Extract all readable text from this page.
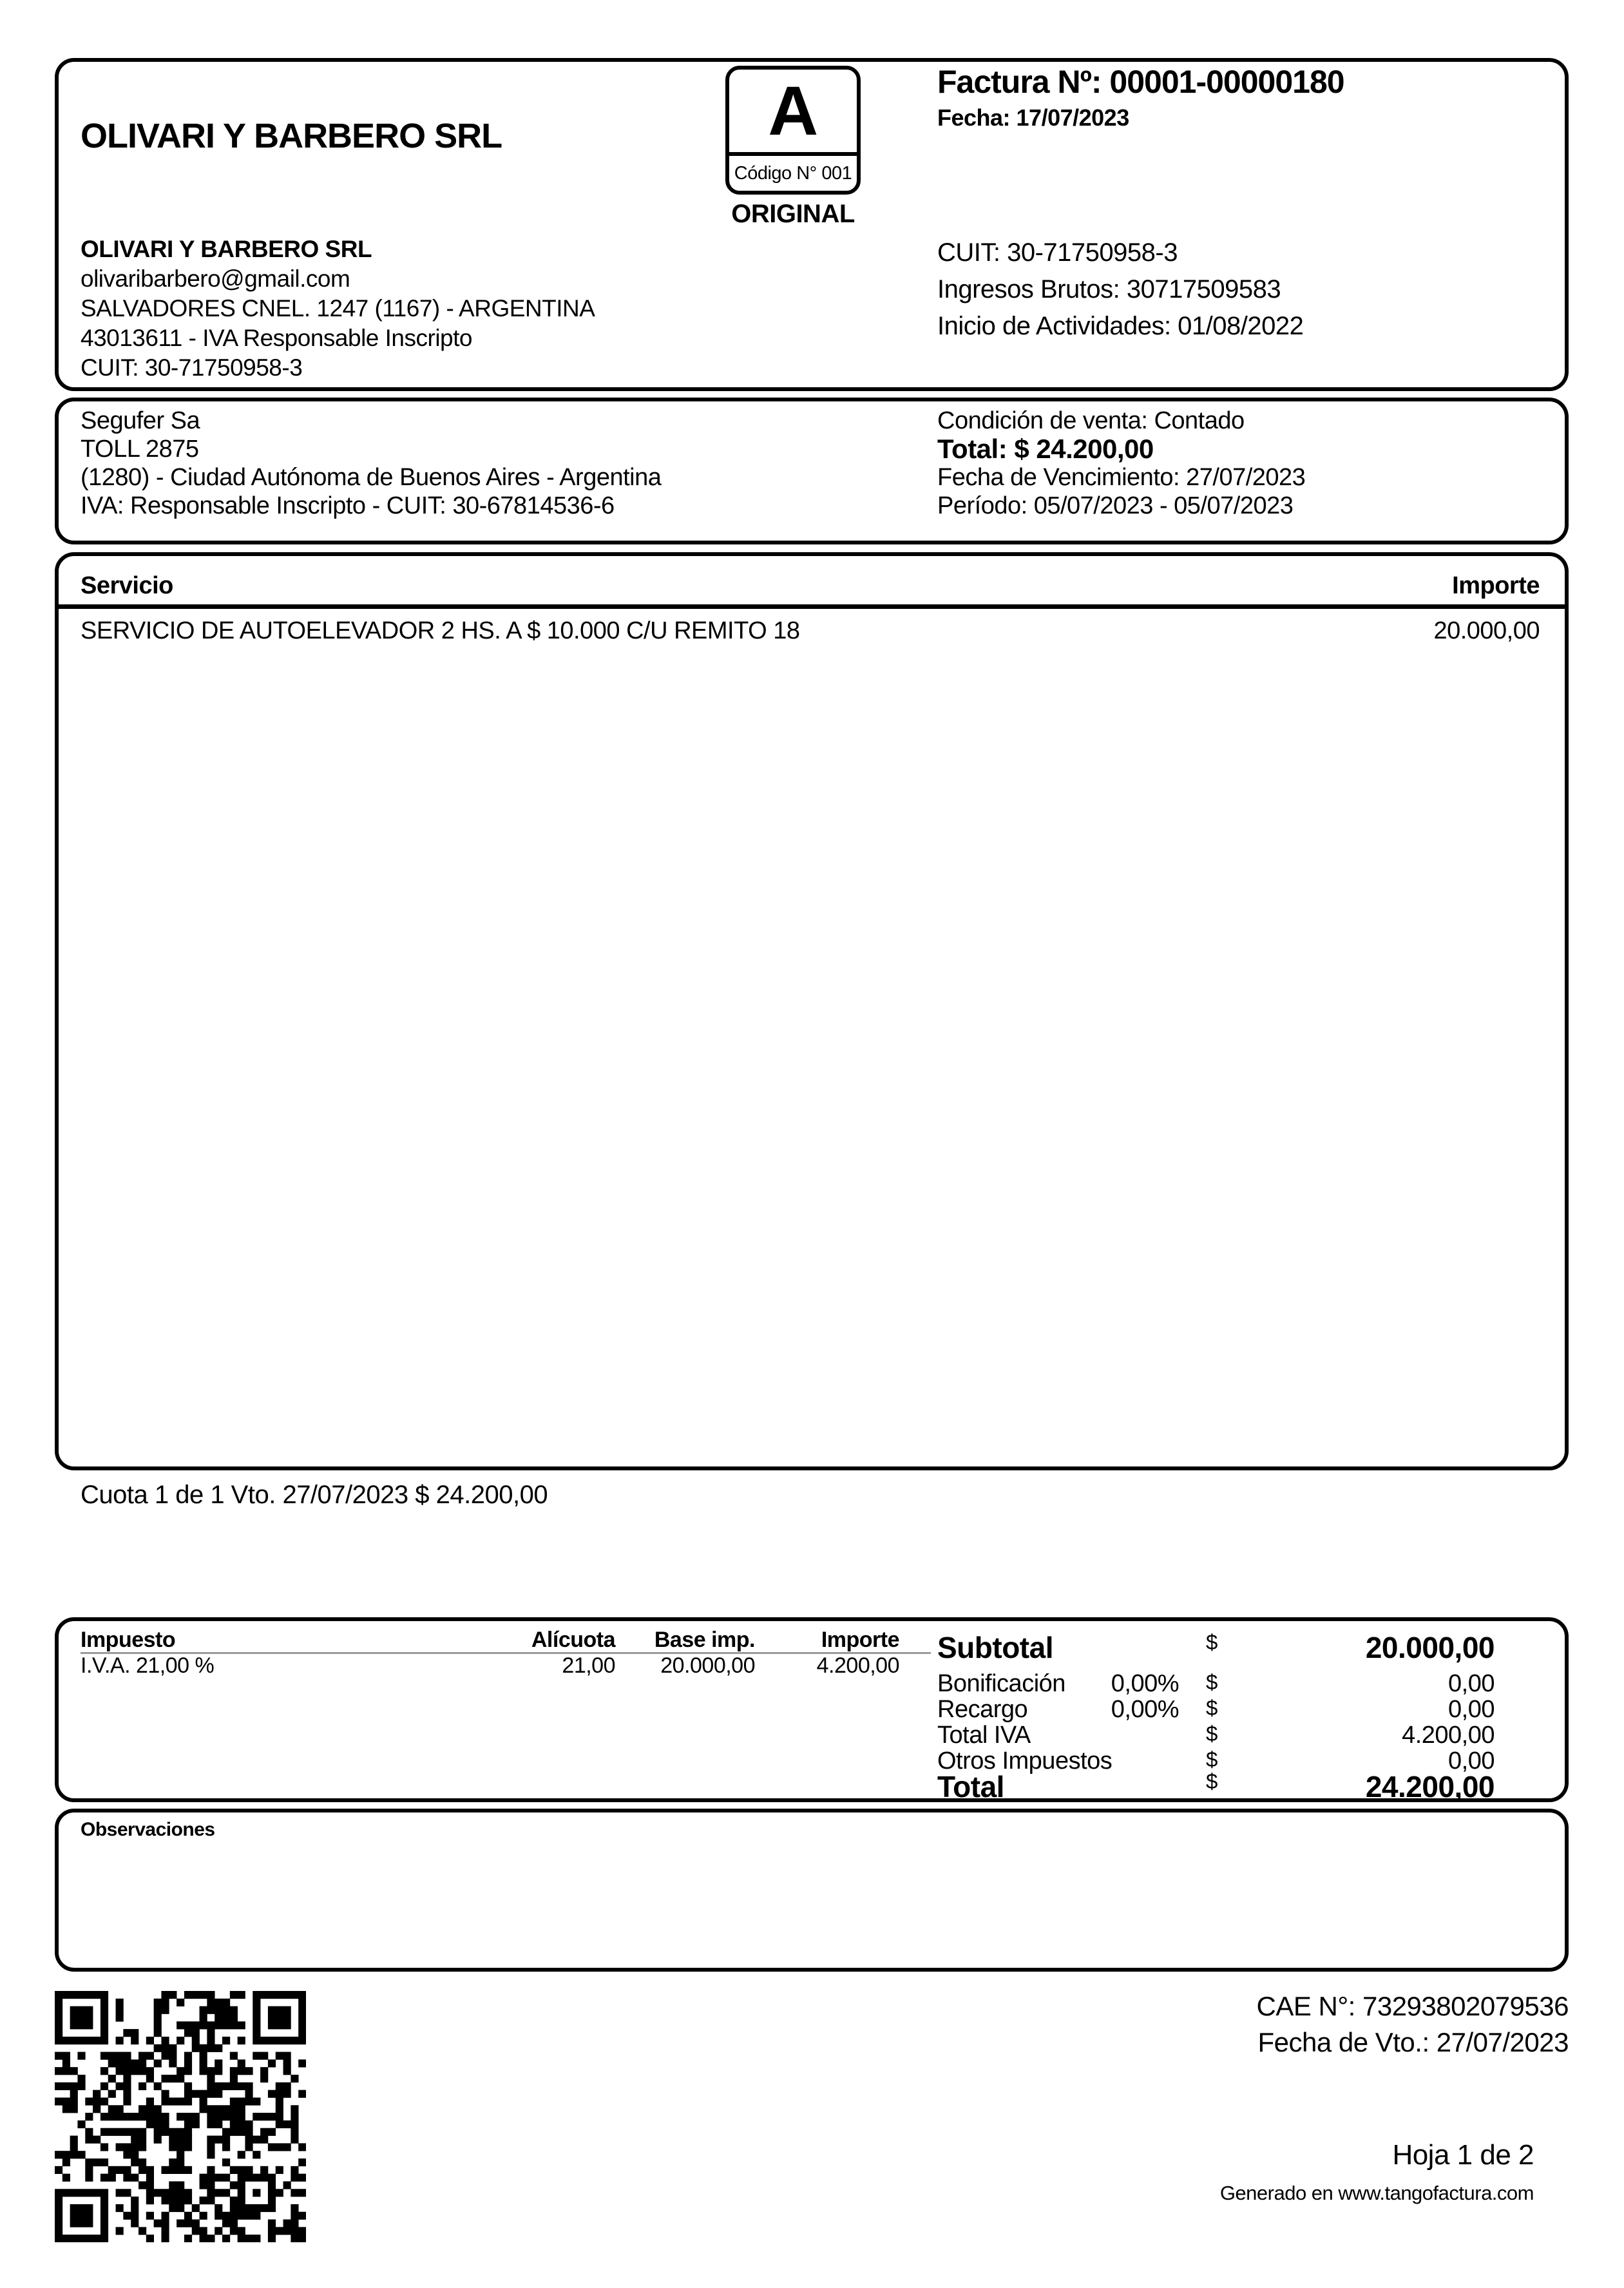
OLIVARI Y BARBERO SRL	A
Código N° 001
ORIGINAL
Factura Nº: 00001-00000180
Fecha: 17/07/2023
OLIVARI Y BARBERO SRL
olivaribarbero@gmail.com
SALVADORES CNEL. 1247 (1167) - ARGENTINA
43013611 - IVA Responsable Inscripto
CUIT: 30-71750958-3
CUIT: 30-71750958-3
Ingresos Brutos: 30717509583
Inicio de Actividades: 01/08/2022
Segufer Sa
TOLL 2875
(1280) - Ciudad Autónoma de Buenos Aires - Argentina
IVA: Responsable Inscripto - CUIT: 30-67814536-6
Condición de venta: Contado
Total: $ 24.200,00
Fecha de Vencimiento: 27/07/2023
Período: 05/07/2023 - 05/07/2023
Servicio	Importe
SERVICIO DE AUTOELEVADOR 2 HS. A $ 10.000 C/U REMITO 18	20.000,00
Cuota 1 de 1 Vto. 27/07/2023 $ 24.200,00
Impuesto	Alícuota	Base imp.	Importe
I.V.A. 21,00 %	21,00	20.000,00	4.200,00
Subtotal	$	20.000,00
Bonificación	0,00% $	0,00
Recargo	0,00% $	0,00
Total IVA	$	4.200,00
Otros Impuestos	$	0,00
Total	$	24.200,00
Observaciones
CAE N°: 73293802079536
Fecha de Vto.: 27/07/2023
Hoja 1 de 2
Generado en www.tangofactura.com
